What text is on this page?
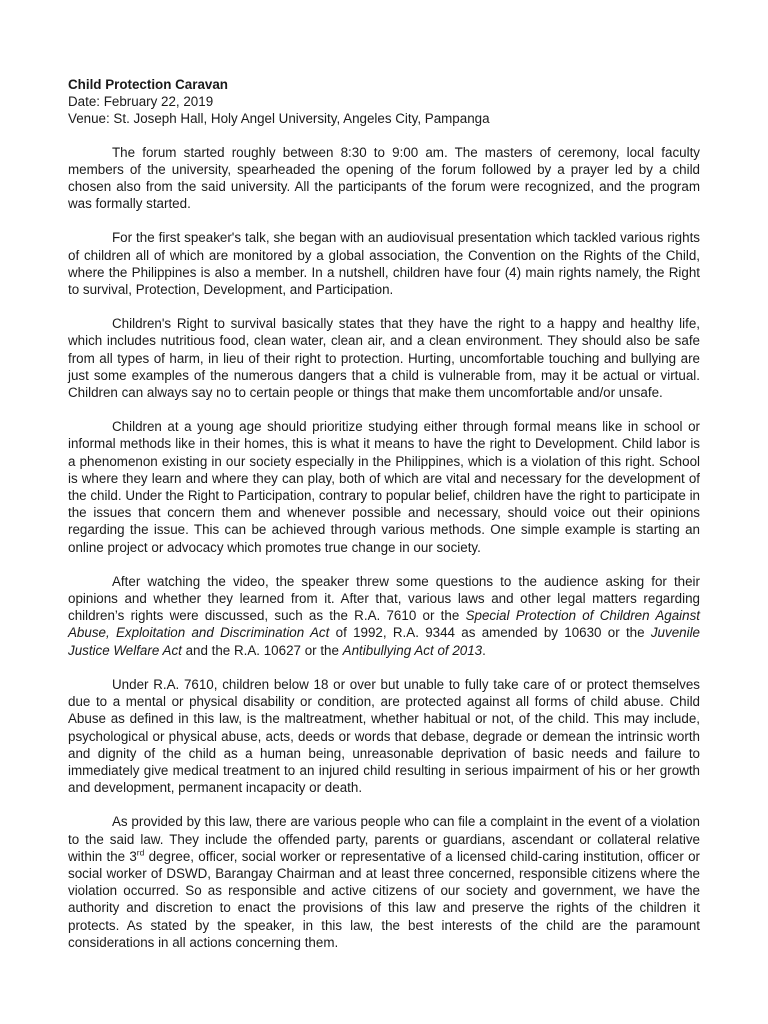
Child Protection Caravan

Date: February 22, 2019

Venue: St. Joseph Hall, Holy Angel University, Angeles City, Pampanga

The forum started roughly between 8:30 to 9:00 am. The masters of ceremony, local faculty members of the university, spearheaded the opening of the forum followed by a prayer led by a child chosen also from the said university. All the participants of the forum were recognized, and the program was formally started.

For the first speaker's talk, she began with an audiovisual presentation which tackled various rights of children all of which are monitored by a global association, the Convention on the Rights of the Child, where the Philippines is also a member. In a nutshell, children have four (4) main rights namely, the Right to survival, Protection, Development, and Participation.

Children's Right to survival basically states that they have the right to a happy and healthy life, which includes nutritious food, clean water, clean air, and a clean environment. They should also be safe from all types of harm, in lieu of their right to protection. Hurting, uncomfortable touching and bullying are just some examples of the numerous dangers that a child is vulnerable from, may it be actual or virtual. Children can always say no to certain people or things that make them uncomfortable and/or unsafe.

Children at a young age should prioritize studying either through formal means like in school or informal methods like in their homes, this is what it means to have the right to Development. Child labor is a phenomenon existing in our society especially in the Philippines, which is a violation of this right. School is where they learn and where they can play, both of which are vital and necessary for the development of the child. Under the Right to Participation, contrary to popular belief, children have the right to participate in the issues that concern them and whenever possible and necessary, should voice out their opinions regarding the issue. This can be achieved through various methods. One simple example is starting an online project or advocacy which promotes true change in our society.

After watching the video, the speaker threw some questions to the audience asking for their opinions and whether they learned from it. After that, various laws and other legal matters regarding children’s rights were discussed, such as the R.A. 7610 or the Special Protection of Children Against Abuse, Exploitation and Discrimination Act of 1992, R.A. 9344 as amended by 10630 or the Juvenile Justice Welfare Act and the R.A. 10627 or the Antibullying Act of 2013.

Under R.A. 7610, children below 18 or over but unable to fully take care of or protect themselves due to a mental or physical disability or condition, are protected against all forms of child abuse. Child Abuse as defined in this law, is the maltreatment, whether habitual or not, of the child. This may include, psychological or physical abuse, acts, deeds or words that debase, degrade or demean the intrinsic worth and dignity of the child as a human being, unreasonable deprivation of basic needs and failure to immediately give medical treatment to an injured child resulting in serious impairment of his or her growth and development, permanent incapacity or death.

As provided by this law, there are various people who can file a complaint in the event of a violation to the said law. They include the offended party, parents or guardians, ascendant or collateral relative within the 3rd degree, officer, social worker or representative of a licensed child-caring institution, officer or social worker of DSWD, Barangay Chairman and at least three concerned, responsible citizens where the violation occurred. So as responsible and active citizens of our society and government, we have the authority and discretion to enact the provisions of this law and preserve the rights of the children it protects. As stated by the speaker, in this law, the best interests of the child are the paramount considerations in all actions concerning them.
